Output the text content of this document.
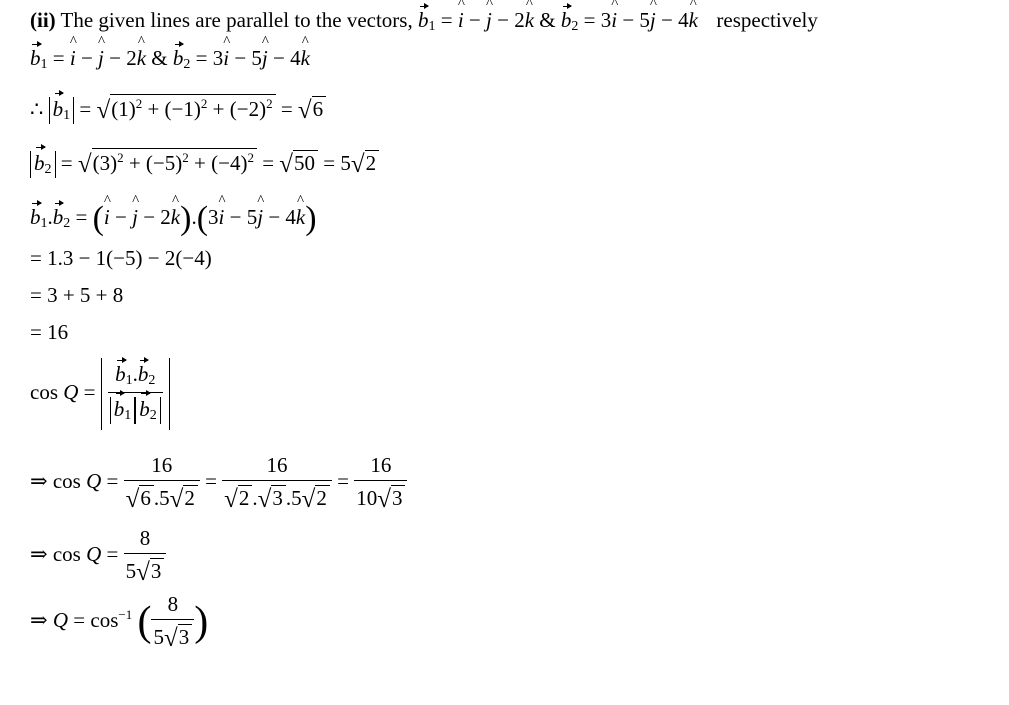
(ii) The given lines are parallel to the vectors, $b_1 = i$ ^ − j ^ − 2k ^ & $b_2 = 3i$ ^ − 5j ^ − 4k ^ respectively
$b_1 = i$ ^ − j ^ − 2k ^ & $b_2 = 3i$ ^ − 5j ^ − 4k ^
∴ $b_1 = √(1)^2 + (-1)^2 + (-2)^2 = √6$
$b_2 = √(3)^2 + (-5)^2 + (-4)^2 = √50 = 5√2$
$b_1.b_2 = (i$ ^ − j ^ − 2k ^).(3i ^ − 5j ^ − 4k ^)
= 1.3 − 1(−5) − 2(−4)
= 3 + 5 + 8
= 16
$\cos Q = \frac{b_1.b_2}{b_1 b_2}$
⇒ $\cos Q = \frac{16}{√6 .5√2} = \frac{16}{√2 .√3 .5√2} = \frac{16}{10√3}$
⇒ $\cos Q = \frac{8}{5√3}$
⇒ $Q = \cos^{-1}$ ( $\frac{8}{5√3}$ )
